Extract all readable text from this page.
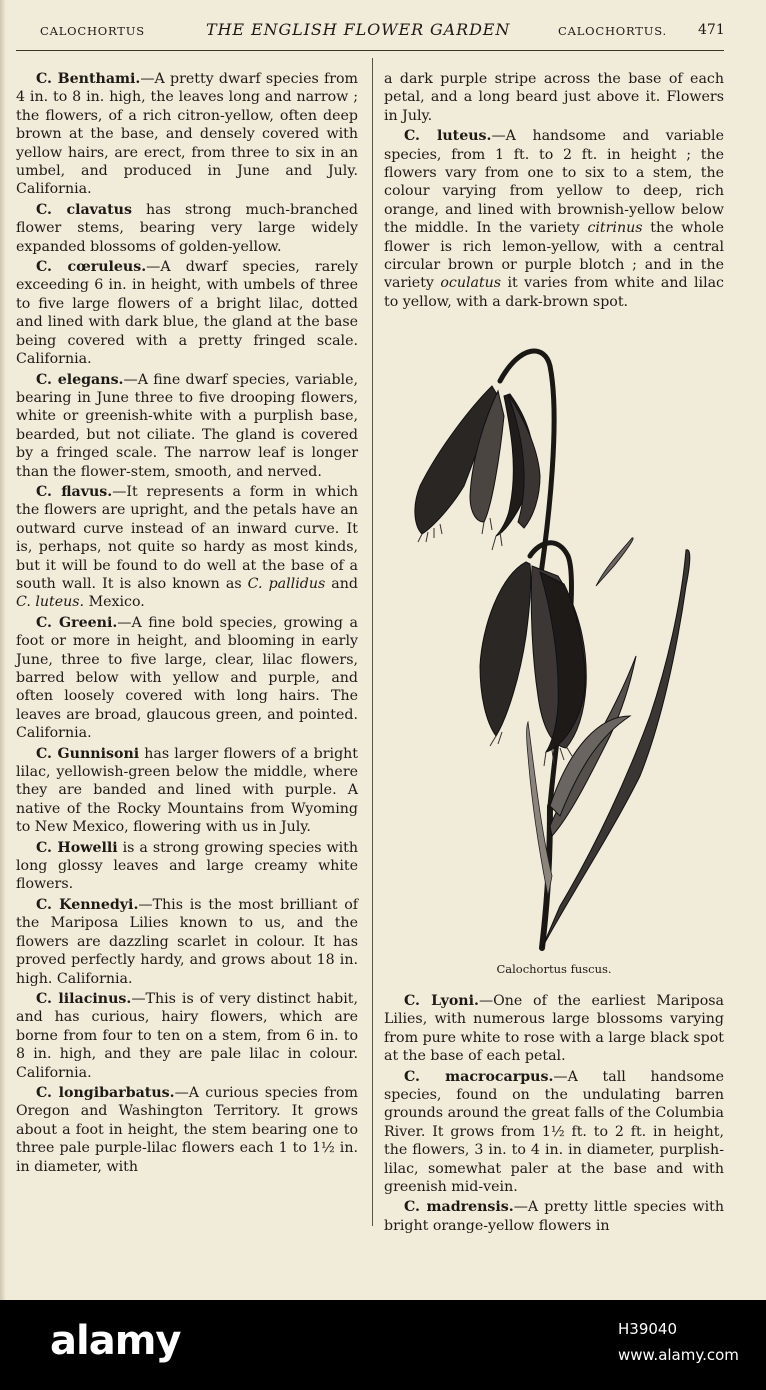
CALOCHORTUS	THE ENGLISH FLOWER GARDEN	CALOCHORTUS. 471

C. Benthami.—A pretty dwarf species from 4 in. to 8 in. high, the leaves long and narrow ; the flowers, of a rich citron-yellow, often deep brown at the base, and densely covered with yellow hairs, are erect, from three to six in an umbel, and produced in June and July. California.

C. clavatus has strong much-branched flower stems, bearing very large widely expanded blossoms of golden-yellow.

C. cœruleus.—A dwarf species, rarely exceeding 6 in. in height, with umbels of three to five large flowers of a bright lilac, dotted and lined with dark blue, the gland at the base being covered with a pretty fringed scale. California.

C. elegans.—A fine dwarf species, variable, bearing in June three to five drooping flowers, white or greenish-white with a purplish base, bearded, but not ciliate. The gland is covered by a fringed scale. The narrow leaf is longer than the flower-stem, smooth, and nerved.

C. flavus.—It represents a form in which the flowers are upright, and the petals have an outward curve instead of an inward curve. It is, perhaps, not quite so hardy as most kinds, but it will be found to do well at the base of a south wall. It is also known as C. pallidus and C. luteus. Mexico.

C. Greeni.—A fine bold species, growing a foot or more in height, and blooming in early June, three to five large, clear, lilac flowers, barred below with yellow and purple, and often loosely covered with long hairs. The leaves are broad, glaucous green, and pointed. California.

C. Gunnisoni has larger flowers of a bright lilac, yellowish-green below the middle, where they are banded and lined with purple. A native of the Rocky Mountains from Wyoming to New Mexico, flowering with us in July.

C. Howelli is a strong growing species with long glossy leaves and large creamy white flowers.

C. Kennedyi.—This is the most brilliant of the Mariposa Lilies known to us, and the flowers are dazzling scarlet in colour. It has proved perfectly hardy, and grows about 18 in. high. California.

C. lilacinus.—This is of very distinct habit, and has curious, hairy flowers, which are borne from four to ten on a stem, from 6 in. to 8 in. high, and they are pale lilac in colour. California.

C. longibarbatus.—A curious species from Oregon and Washington Territory. It grows about a foot in height, the stem bearing one to three pale purple-lilac flowers each 1 to 1½ in. in diameter, with

a dark purple stripe across the base of each petal, and a long beard just above it. Flowers in July.

C. luteus.—A handsome and variable species, from 1 ft. to 2 ft. in height ; the flowers vary from one to six to a stem, the colour varying from yellow to deep, rich orange, and lined with brownish-yellow below the middle. In the variety citrinus the whole flower is rich lemon-yellow, with a central circular brown or purple blotch ; and in the variety oculatus it varies from white and lilac to yellow, with a dark-brown spot.

Calochortus fuscus.

C. Lyoni.—One of the earliest Mariposa Lilies, with numerous large blossoms varying from pure white to rose with a large black spot at the base of each petal.

C. macrocarpus.—A tall handsome species, found on the undulating barren grounds around the great falls of the Columbia River. It grows from 1½ ft. to 2 ft. in height, the flowers, 3 in. to 4 in. in diameter, purplish-lilac, somewhat paler at the base and with greenish mid-vein.

C. madrensis.—A pretty little species with bright orange-yellow flowers in

alamy	H39040
www.alamy.com
